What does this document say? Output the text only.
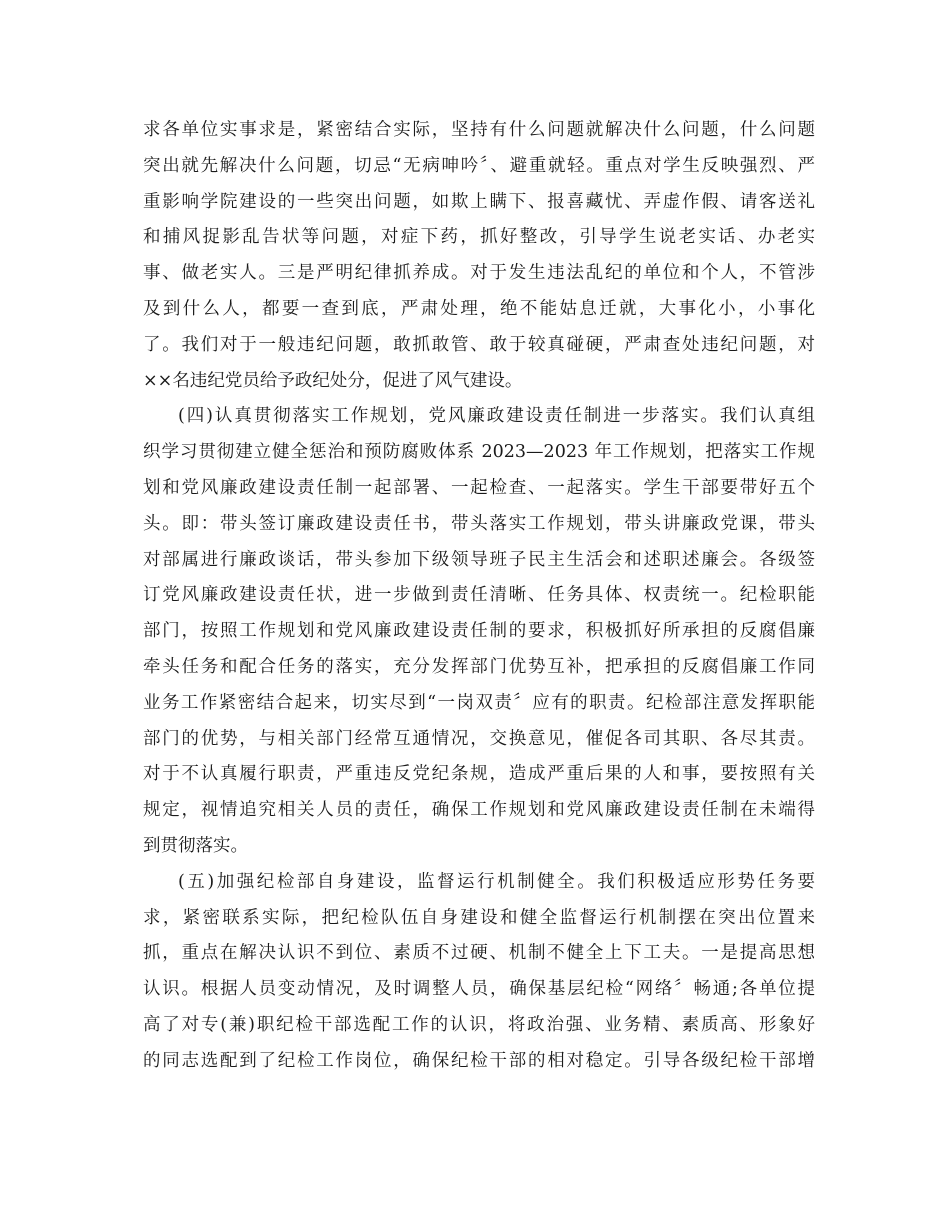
求各单位实事求是，紧密结合实际，坚持有什么问题就解决什么问题，什么问题
突出就先解决什么问题，切忌“无病呻吟〞、避重就轻。重点对学生反映强烈、严
重影响学院建设的一些突出问题，如欺上瞒下、报喜藏忧、弄虚作假、请客送礼
和捕风捉影乱告状等问题，对症下药，抓好整改，引导学生说老实话、办老实
事、做老实人。三是严明纪律抓养成。对于发生违法乱纪的单位和个人，不管涉
及到什么人，都要一查到底，严肃处理，绝不能姑息迁就，大事化小，小事化
了。我们对于一般违纪问题，敢抓敢管、敢于较真碰硬，严肃查处违纪问题，对
××名违纪党员给予政纪处分，促进了风气建设。
(四)认真贯彻落实工作规划，党风廉政建设责任制进一步落实。我们认真组
织学习贯彻建立健全惩治和预防腐败体系 2023—2023 年工作规划，把落实工作规
划和党风廉政建设责任制一起部署、一起检查、一起落实。学生干部要带好五个
头。即：带头签订廉政建设责任书，带头落实工作规划，带头讲廉政党课，带头
对部属进行廉政谈话，带头参加下级领导班子民主生活会和述职述廉会。各级签
订党风廉政建设责任状，进一步做到责任清晰、任务具体、权责统一。纪检职能
部门，按照工作规划和党风廉政建设责任制的要求，积极抓好所承担的反腐倡廉
牵头任务和配合任务的落实，充分发挥部门优势互补，把承担的反腐倡廉工作同
业务工作紧密结合起来，切实尽到“一岗双责〞应有的职责。纪检部注意发挥职能
部门的优势，与相关部门经常互通情况，交换意见，催促各司其职、各尽其责。
对于不认真履行职责，严重违反党纪条规，造成严重后果的人和事，要按照有关
规定，视情追究相关人员的责任，确保工作规划和党风廉政建设责任制在未端得
到贯彻落实。
(五)加强纪检部自身建设，监督运行机制健全。我们积极适应形势任务要
求，紧密联系实际，把纪检队伍自身建设和健全监督运行机制摆在突出位置来
抓，重点在解决认识不到位、素质不过硬、机制不健全上下工夫。一是提高思想
认识。根据人员变动情况，及时调整人员，确保基层纪检“网络〞畅通;各单位提
高了对专(兼)职纪检干部选配工作的认识，将政治强、业务精、素质高、形象好
的同志选配到了纪检工作岗位，确保纪检干部的相对稳定。引导各级纪检干部增
